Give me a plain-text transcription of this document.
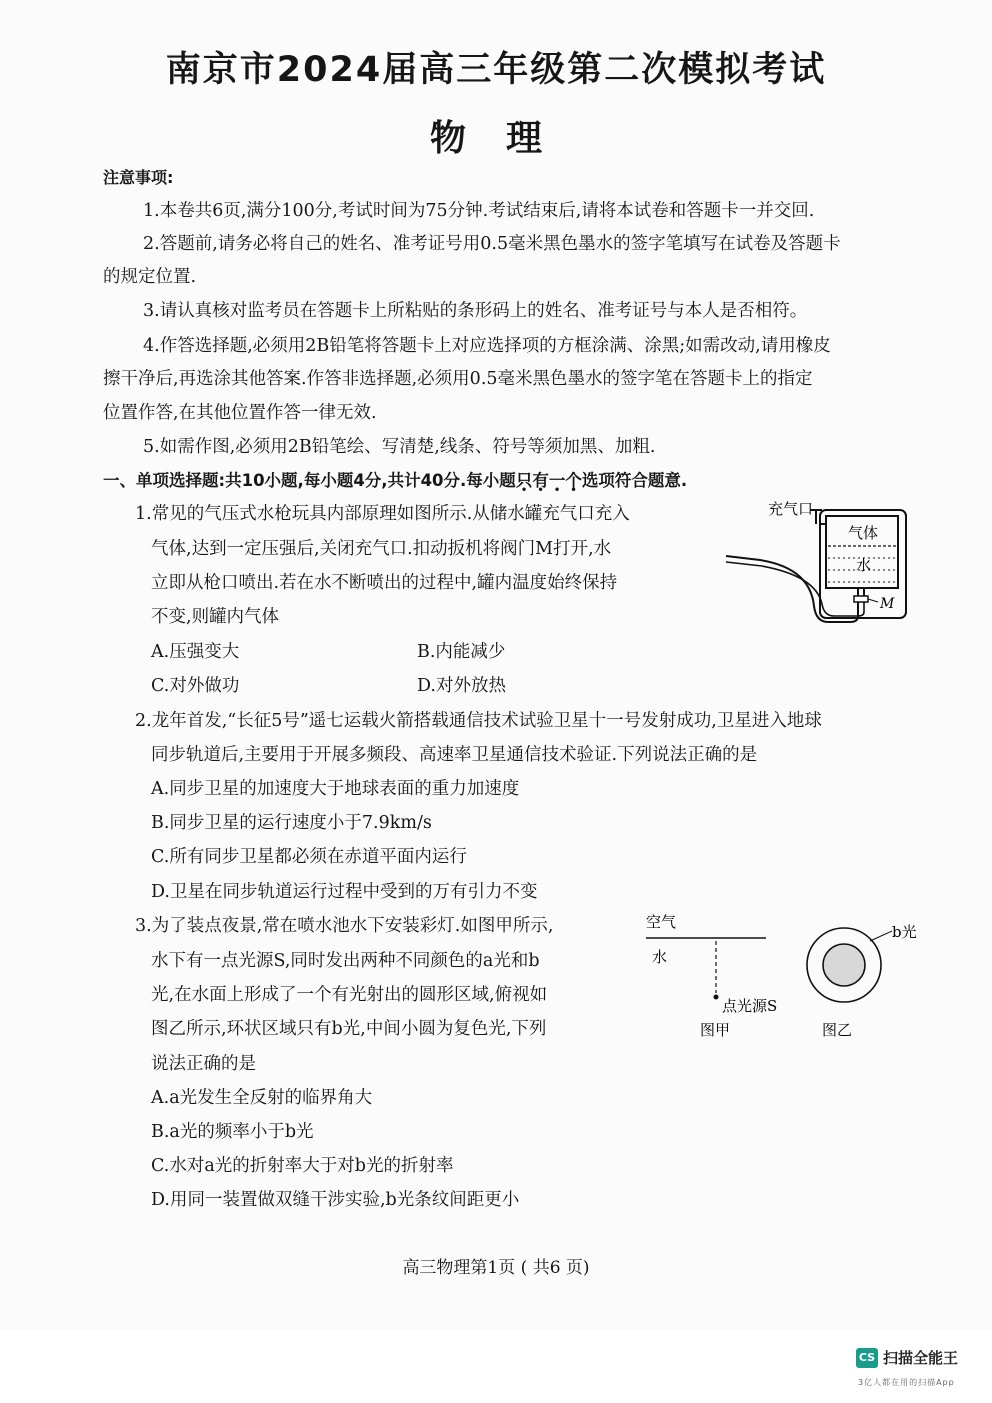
南京市2024届高三年级第二次模拟考试
物理
注意事项:
1.本卷共6页,满分100分,考试时间为75分钟.考试结束后,请将本试卷和答题卡一并交回.
2.答题前,请务必将自己的姓名、准考证号用0.5毫米黑色墨水的签字笔填写在试卷及答题卡
的规定位置.
3.请认真核对监考员在答题卡上所粘贴的条形码上的姓名、准考证号与本人是否相符。
4.作答选择题,必须用2B铅笔将答题卡上对应选择项的方框涂满、涂黑;如需改动,请用橡皮
擦干净后,再选涂其他答案.作答非选择题,必须用0.5毫米黑色墨水的签字笔在答题卡上的指定
位置作答,在其他位置作答一律无效.
5.如需作图,必须用2B铅笔绘、写清楚,线条、符号等须加黑、加粗.
一、单项选择题:共10小题,每小题4分,共计40分.每小题只有一个选项符合题意.
1.常见的气压式水枪玩具内部原理如图所示.从储水罐充气口充入
气体,达到一定压强后,关闭充气口.扣动扳机将阀门M打开,水
立即从枪口喷出.若在水不断喷出的过程中,罐内温度始终保持
不变,则罐内气体
A.压强变大	B.内能减少
C.对外做功	D.对外放热
充气口
气体
水
M
2.龙年首发,“长征5号”遥七运载火箭搭载通信技术试验卫星十一号发射成功,卫星进入地球
同步轨道后,主要用于开展多频段、高速率卫星通信技术验证.下列说法正确的是
A.同步卫星的加速度大于地球表面的重力加速度
B.同步卫星的运行速度小于7.9km/s
C.所有同步卫星都必须在赤道平面内运行
D.卫星在同步轨道运行过程中受到的万有引力不变
3.为了装点夜景,常在喷水池水下安装彩灯.如图甲所示,
水下有一点光源S,同时发出两种不同颜色的a光和b
光,在水面上形成了一个有光射出的圆形区域,俯视如
图乙所示,环状区域只有b光,中间小圆为复色光,下列
说法正确的是
A.a光发生全反射的临界角大
B.a光的频率小于b光
C.水对a光的折射率大于对b光的折射率
D.用同一装置做双缝干涉实验,b光条纹间距更小
空气
水
点光源S
图甲
b光
图乙
高三物理第1页 ( 共6 页)
CS 扫描全能王
3亿人都在用的扫描App
